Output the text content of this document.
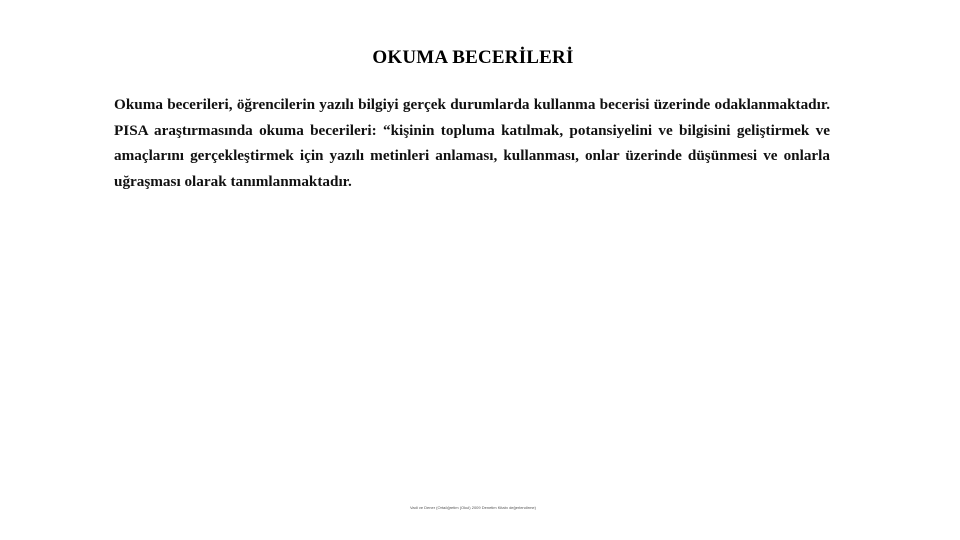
OKUMA BECERİLERİ

Okuma becerileri, öğrencilerin yazılı bilgiyi gerçek durumlarda kullanma becerisi üzerinde odaklanmaktadır. PISA araştırmasında okuma becerileri: “kişinin topluma katılmak, potansiyelini ve bilgisini geliştirmek ve amaçlarını gerçekleştirmek için yazılı metinleri anlaması, kullanması, onlar üzerinde düşünmesi ve onlarla uğraşması olarak tanımlanmaktadır.

Vadi ve Dener (Ortaöğretim (Okul) 2009 Denetim Kitabı değerlendirme)
